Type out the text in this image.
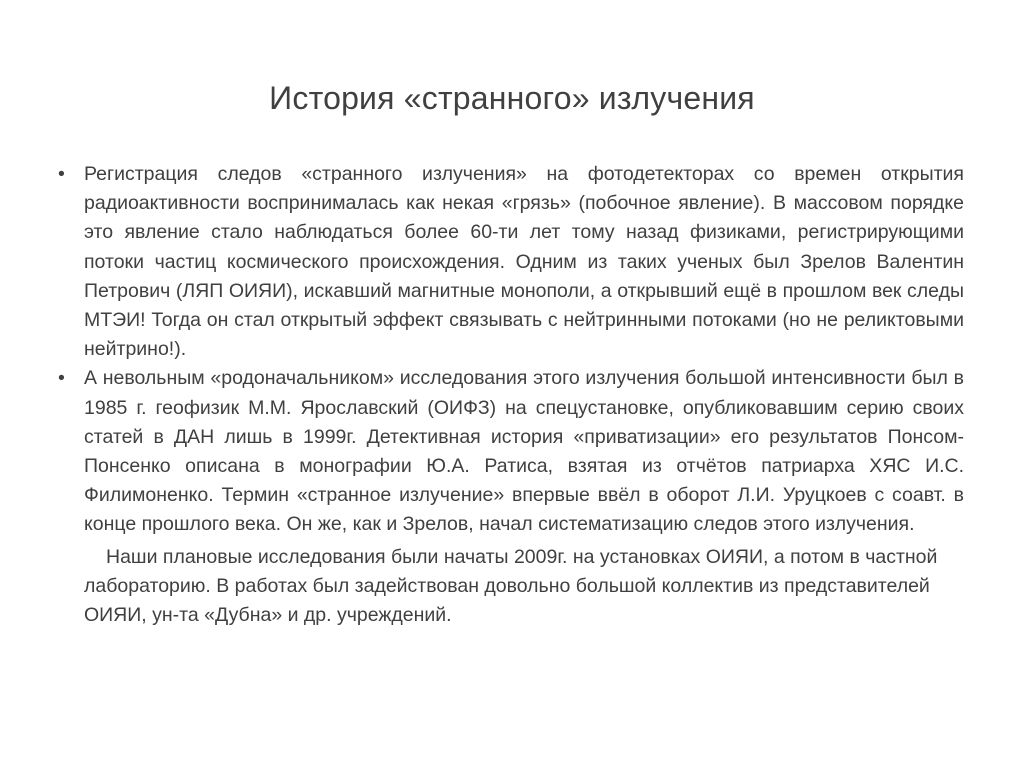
История «странного» излучения
• Регистрация следов «странного излучения» на фотодетекторах со времен открытия радиоактивности воспринималась как некая «грязь» (побочное явление). В массовом порядке это явление стало наблюдаться более 60-ти лет тому назад физиками, регистрирующими потоки частиц космического происхождения. Одним из таких ученых был Зрелов Валентин Петрович (ЛЯП ОИЯИ), искавший магнитные монополи, а открывший ещё в прошлом век следы МТЭИ! Тогда он стал открытый эффект связывать с нейтринными потоками (но не реликтовыми нейтрино!).
• А невольным «родоначальником» исследования этого излучения большой интенсивности был в 1985 г. геофизик М.М. Ярославский (ОИФЗ) на спецустановке, опубликовавшим серию своих статей в ДАН лишь в 1999г. Детективная история «приватизации» его результатов Понсом-Понсенко описана в монографии Ю.А. Ратиса, взятая из отчётов патриарха ХЯС И.С. Филимоненко. Термин «странное излучение» впервые ввёл в оборот Л.И. Уруцкоев с соавт. в конце прошлого века. Он же, как и Зрелов, начал систематизацию следов этого излучения.
Наши плановые исследования были начаты 2009г. на установках ОИЯИ, а потом в частной лабораторию. В работах был задействован довольно большой коллектив из представителей ОИЯИ, ун-та «Дубна» и др. учреждений.
